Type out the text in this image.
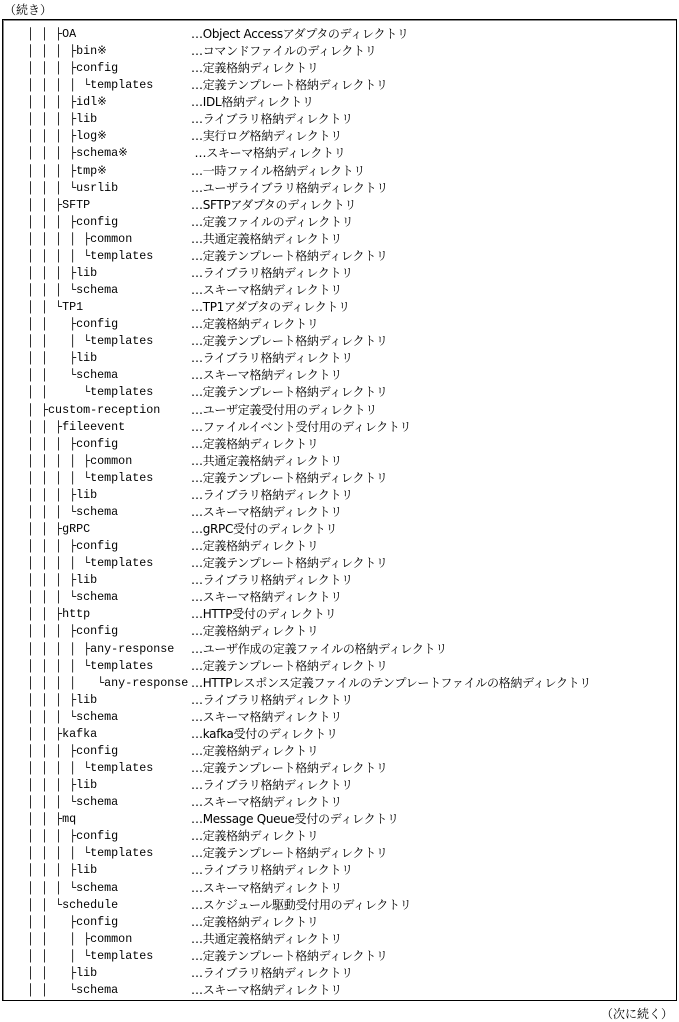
（続き）
│ │ ├OA	…Object Accessアダプタのディレクトリ
│ │ │ ├bin※	…コマンドファイルのディレクトリ
│ │ │ ├config	…定義格納ディレクトリ
│ │ │ │ └templates	…定義テンプレート格納ディレクトリ
│ │ │ ├idl※	…IDL格納ディレクトリ
│ │ │ ├lib	…ライブラリ格納ディレクトリ
│ │ │ ├log※	…実行ログ格納ディレクトリ
│ │ │ ├schema※	…スキーマ格納ディレクトリ
│ │ │ ├tmp※	…一時ファイル格納ディレクトリ
│ │ │ └usrlib	…ユーザライブラリ格納ディレクトリ
│ │ ├SFTP	…SFTPアダプタのディレクトリ
│ │ │ ├config	…定義ファイルのディレクトリ
│ │ │ │ ├common	…共通定義格納ディレクトリ
│ │ │ │ └templates	…定義テンプレート格納ディレクトリ
│ │ │ ├lib	…ライブラリ格納ディレクトリ
│ │ │ └schema	…スキーマ格納ディレクトリ
│ │ └TP1	…TP1アダプタのディレクトリ
│ │   ├config	…定義格納ディレクトリ
│ │   │ └templates	…定義テンプレート格納ディレクトリ
│ │   ├lib	…ライブラリ格納ディレクトリ
│ │   └schema	…スキーマ格納ディレクトリ
│ │     └templates	…定義テンプレート格納ディレクトリ
│ ├custom-reception	…ユーザ定義受付用のディレクトリ
│ │ ├fileevent	…ファイルイベント受付用のディレクトリ
│ │ │ ├config	…定義格納ディレクトリ
│ │ │ │ ├common	…共通定義格納ディレクトリ
│ │ │ │ └templates	…定義テンプレート格納ディレクトリ
│ │ │ ├lib	…ライブラリ格納ディレクトリ
│ │ │ └schema	…スキーマ格納ディレクトリ
│ │ ├gRPC	…gRPC受付のディレクトリ
│ │ │ ├config	…定義格納ディレクトリ
│ │ │ │ └templates	…定義テンプレート格納ディレクトリ
│ │ │ ├lib	…ライブラリ格納ディレクトリ
│ │ │ └schema	…スキーマ格納ディレクトリ
│ │ ├http	…HTTP受付のディレクトリ
│ │ │ ├config	…定義格納ディレクトリ
│ │ │ │ ├any-response …ユーザ作成の定義ファイルの格納ディレクトリ
│ │ │ │ └templates	…定義テンプレート格納ディレクトリ
│ │ │ │   └any-response …HTTPレスポンス定義ファイルのテンプレートファイルの格納ディレクトリ
│ │ │ ├lib	…ライブラリ格納ディレクトリ
│ │ │ └schema	…スキーマ格納ディレクトリ
│ │ ├kafka	…kafka受付のディレクトリ
│ │ │ ├config	…定義格納ディレクトリ
│ │ │ │ └templates	…定義テンプレート格納ディレクトリ
│ │ │ ├lib	…ライブラリ格納ディレクトリ
│ │ │ └schema	…スキーマ格納ディレクトリ
│ │ ├mq	…Message Queue受付のディレクトリ
│ │ │ ├config	…定義格納ディレクトリ
│ │ │ │ └templates	…定義テンプレート格納ディレクトリ
│ │ │ ├lib	…ライブラリ格納ディレクトリ
│ │ │ └schema	…スキーマ格納ディレクトリ
│ │ └schedule	…スケジュール駆動受付用のディレクトリ
│ │   ├config	…定義格納ディレクトリ
│ │   │ ├common	…共通定義格納ディレクトリ
│ │   │ └templates	…定義テンプレート格納ディレクトリ
│ │   ├lib	…ライブラリ格納ディレクトリ
│ │   └schema	…スキーマ格納ディレクトリ
（次に続く）
